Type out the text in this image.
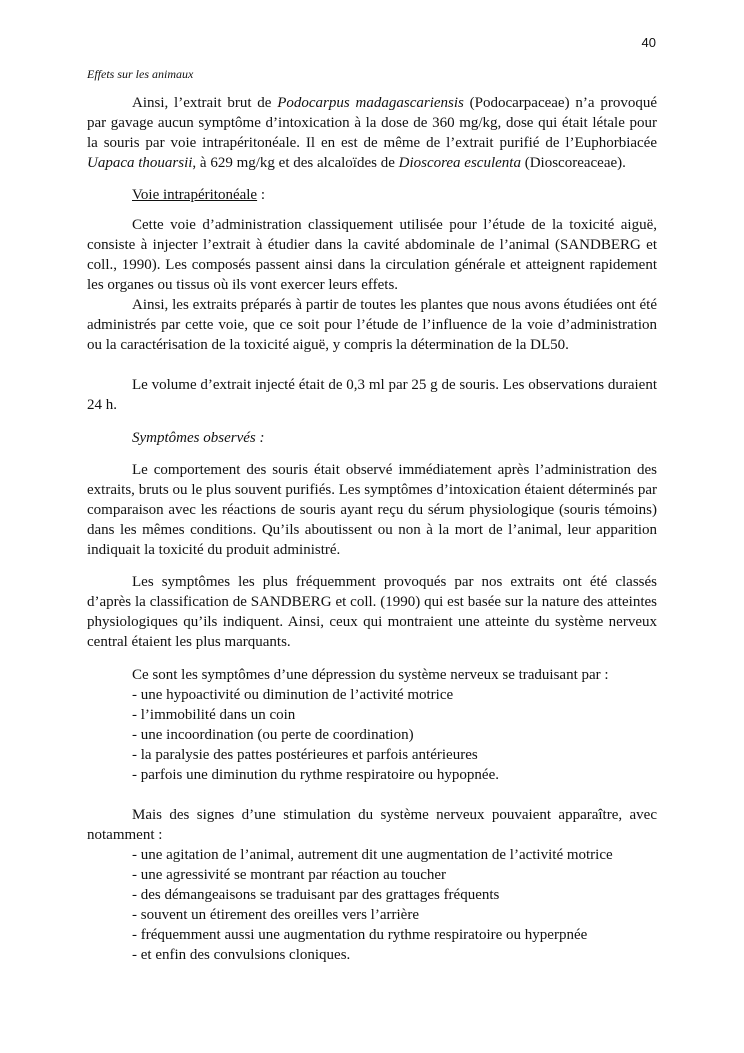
40
Effets sur les animaux
Ainsi, l’extrait brut de Podocarpus madagascariensis (Podocarpaceae) n’a provoqué par gavage aucun symptôme d’intoxication à la dose de 360 mg/kg, dose qui était létale pour la souris par voie intrapéritonéale. Il en est de même de l’extrait purifié de l’Euphorbiacée Uapaca thouarsii, à 629 mg/kg et des alcaloïdes de Dioscorea esculenta (Dioscoreaceae).
Voie intrapéritonéale :
Cette voie d’administration classiquement utilisée pour l’étude de la toxicité aiguë, consiste à injecter l’extrait à étudier dans la cavité abdominale de l’animal (SANDBERG et coll., 1990). Les composés passent ainsi dans la circulation générale et atteignent rapidement les organes ou tissus où ils vont exercer leurs effets.
Ainsi, les extraits préparés à partir de toutes les plantes que nous avons étudiées ont été administrés par cette voie, que ce soit pour l’étude de l’influence de la voie d’administration ou la caractérisation de la toxicité aiguë, y compris la détermination de la DL50.
Le volume d’extrait injecté était de 0,3 ml par 25 g de souris. Les observations duraient 24 h.
Symptômes observés :
Le comportement des souris était observé immédiatement après l’administration des extraits, bruts ou le plus souvent purifiés. Les symptômes d’intoxication étaient déterminés par comparaison avec les réactions de souris ayant reçu du sérum physiologique (souris témoins) dans les mêmes conditions. Qu’ils aboutissent ou non à la mort de l’animal, leur apparition indiquait la toxicité du produit administré.
Les symptômes les plus fréquemment provoqués par nos extraits ont été classés d’après la classification de SANDBERG et coll. (1990) qui est basée sur la nature des atteintes physiologiques qu’ils indiquent. Ainsi, ceux qui montraient une atteinte du système nerveux central étaient les plus marquants.
Ce sont les symptômes d’une dépression du système nerveux se traduisant par :
- une hypoactivité ou diminution de l’activité motrice
- l’immobilité dans un coin
- une incoordination (ou perte de coordination)
- la paralysie des pattes postérieures et parfois antérieures
- parfois une diminution du rythme respiratoire ou hypopnée.
Mais des signes d’une stimulation du système nerveux pouvaient apparaître, avec notamment :
- une agitation de l’animal, autrement dit une augmentation de l’activité motrice
- une agressivité se montrant par réaction au toucher
- des démangeaisons se traduisant par des grattages fréquents
- souvent un étirement des oreilles vers l’arrière
- fréquemment aussi une augmentation du rythme respiratoire ou hyperpnée
- et enfin des convulsions cloniques.
